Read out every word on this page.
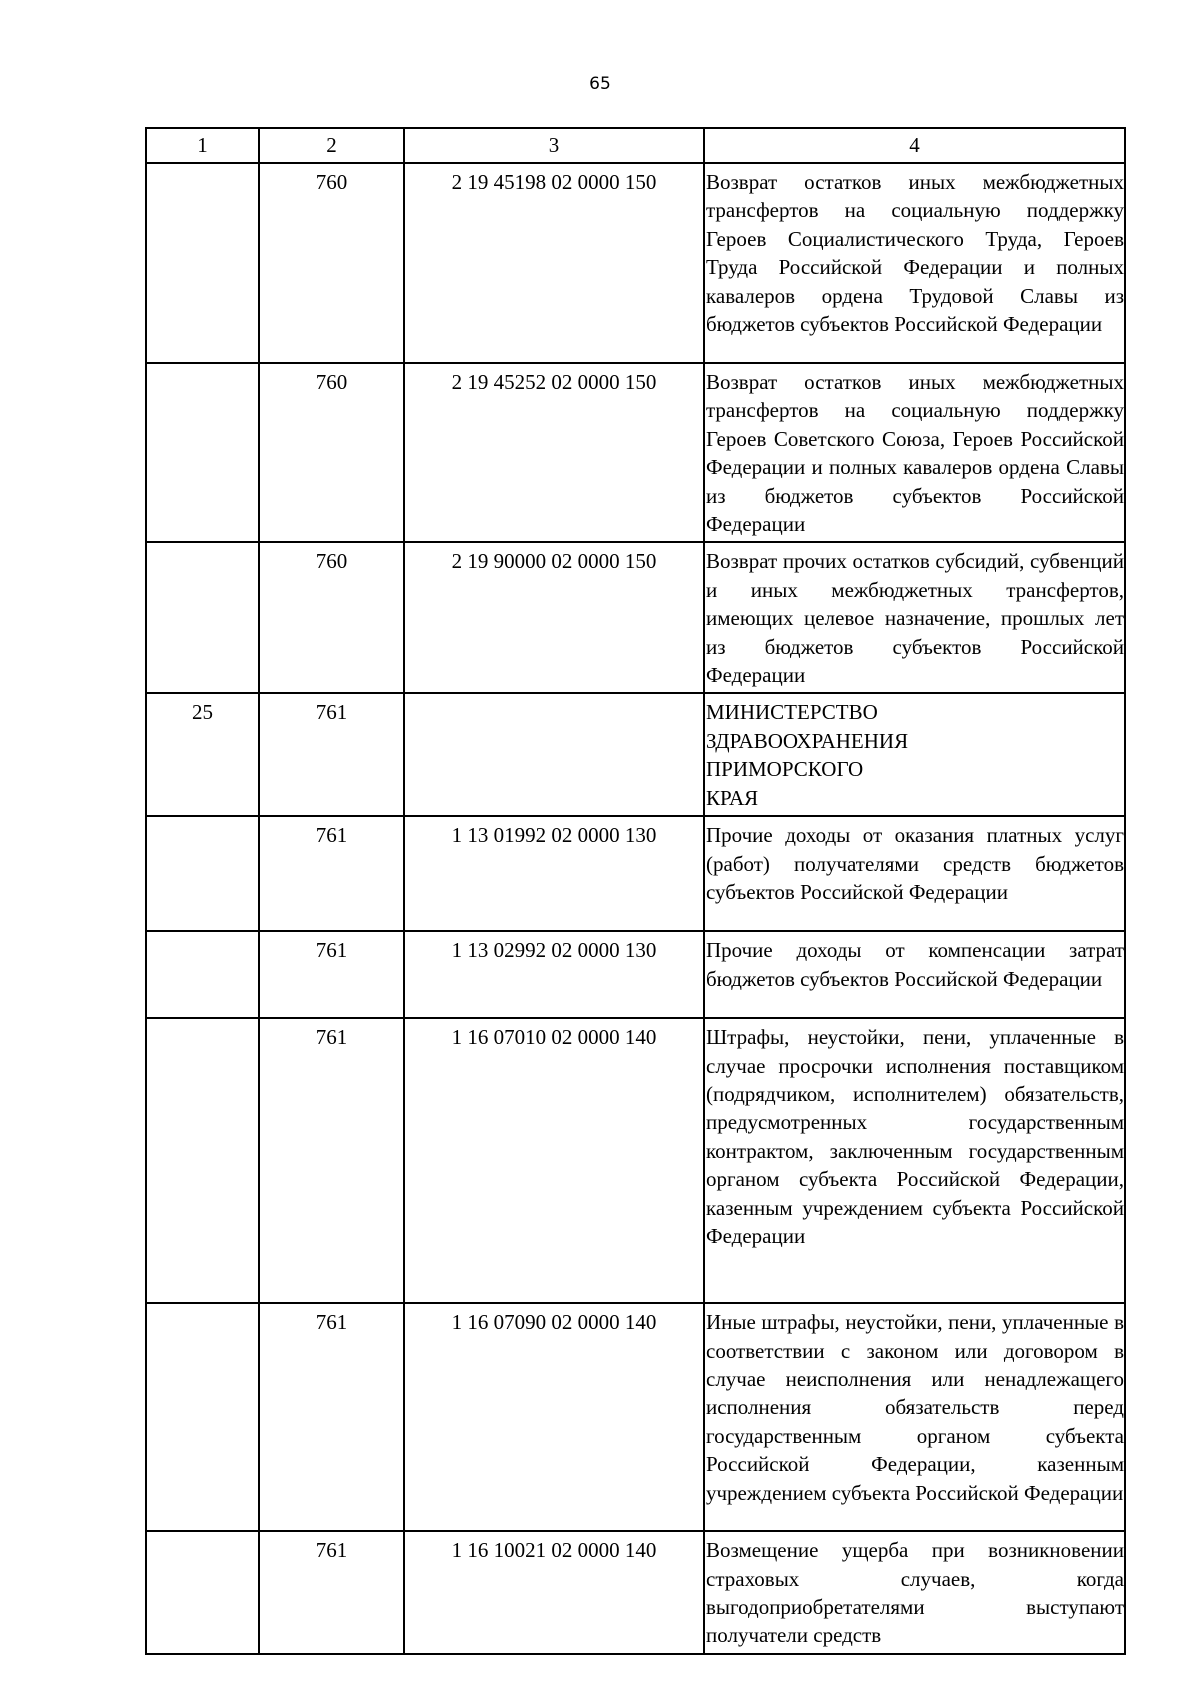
65
1	2	3	4
	760	2 19 45198 02 0000 150	Возврат остатков иных межбюджетных трансфертов на социальную поддержку Героев Социалистического Труда, Героев Труда Российской Федерации и полных кавалеров ордена Трудовой Славы из бюджетов субъектов Российской Федерации

	760	2 19 45252 02 0000 150	Возврат остатков иных межбюджетных трансфертов на социальную поддержку Героев Советского Союза, Героев Российской Федерации и полных кавалеров ордена Славы из бюджетов субъектов Российской Федерации

	760	2 19 90000 02 0000 150	Возврат прочих остатков субсидий, субвенций и иных межбюджетных трансфертов, имеющих целевое назначение, прошлых лет из бюджетов субъектов Российской Федерации

25	761		МИНИСТЕРСТВО ЗДРАВООХРАНЕНИЯ ПРИМОРСКОГО КРАЯ

	761	1 13 01992 02 0000 130	Прочие доходы от оказания платных услуг (работ) получателями средств бюджетов субъектов Российской Федерации

	761	1 13 02992 02 0000 130	Прочие доходы от компенсации затрат бюджетов субъектов Российской Федерации

	761	1 16 07010 02 0000 140	Штрафы, неустойки, пени, уплаченные в случае просрочки исполнения поставщиком (подрядчиком, исполнителем) обязательств, предусмотренных государственным контрактом, заключенным государственным органом субъекта Российской Федерации, казенным учреждением субъекта Российской Федерации

	761	1 16 07090 02 0000 140	Иные штрафы, неустойки, пени, уплаченные в соответствии с законом или договором в случае неисполнения или ненадлежащего исполнения обязательств перед государственным органом субъекта Российской Федерации, казенным учреждением субъекта Российской Федерации

	761	1 16 10021 02 0000 140	Возмещение ущерба при возникновении страховых случаев, когда выгодоприобретателями выступают получатели средств
